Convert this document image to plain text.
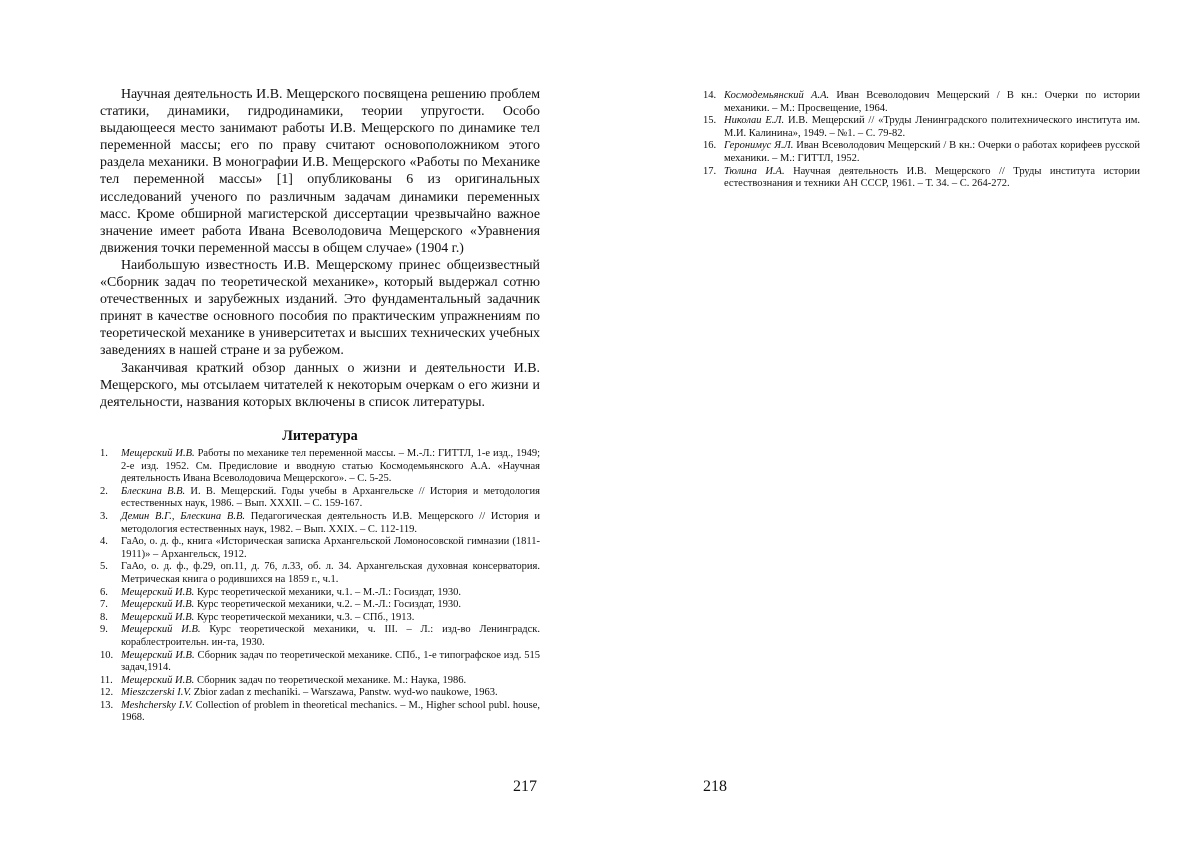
Научная деятельность И.В. Мещерского посвящена решению проблем статики, динамики, гидродинамики, теории упругости. Особо выдающееся место занимают работы И.В. Мещерского по динамике тел переменной массы; его по праву считают основоположником этого раздела механики. В монографии И.В. Мещерского «Работы по Механике тел переменной массы» [1] опубликованы 6 из оригинальных исследований ученого по различным задачам динамики переменных масс. Кроме обширной магистерской диссертации чрезвычайно важное значение имеет работа Ивана Всеволодовича Мещерского «Уравнения движения точки переменной массы в общем случае» (1904 г.)

Наибольшую известность И.В. Мещерскому принес общеизвестный «Сборник задач по теоретической механике», который выдержал сотню отечественных и зарубежных изданий. Это фундаментальный задачник принят в качестве основного пособия по практическим упражнениям по теоретической механике в университетах и высших технических учебных заведениях в нашей стране и за рубежом.

Заканчивая краткий обзор данных о жизни и деятельности И.В. Мещерского, мы отсылаем читателей к некоторым очеркам о его жизни и деятельности, названия которых включены в список литературы.

Литература
1. Мещерский И.В. Работы по механике тел переменной массы. – М.-Л.: ГИТТЛ, 1-е изд., 1949; 2-е изд. 1952. См. Предисловие и вводную статью Космодемьянского А.А. «Научная деятельность Ивана Всеволодовича Мещерского». – С. 5-25.
2. Блескина В.В. И. В. Мещерский. Годы учебы в Архангельске // История и методология естественных наук, 1986. – Вып. XXXII. – С. 159-167.
3. Демин В.Г., Блескина В.В. Педагогическая деятельность И.В. Мещерского // История и методология естественных наук, 1982. – Вып. XXIX. – С. 112-119.
4. ГаАо, о. д. ф., книга «Историческая записка Архангельской Ломоносовской гимназии (1811-1911)» – Архангельск, 1912.
5. ГаАо, о. д. ф., ф.29, оп.11, д. 76, л.33, об. л. 34. Архангельская духовная консерватория. Метрическая книга о родившихся на 1859 г., ч.1.
6. Мещерский И.В. Курс теоретической механики, ч.1. – М.-Л.: Госиздат, 1930.
7. Мещерский И.В. Курс теоретической механики, ч.2. – М.-Л.: Госиздат, 1930.
8. Мещерский И.В. Курс теоретической механики, ч.3. – СПб., 1913.
9. Мещерский И.В. Курс теоретической механики, ч. III. – Л.: изд-во Ленинградск. кораблестроительн. ин-та, 1930.
10. Мещерский И.В. Сборник задач по теоретической механике. СПб., 1-е типографское изд. 515 задач,1914.
11. Мещерский И.В. Сборник задач по теоретической механике. М.: Наука, 1986.
12. Mieszczerski I.V. Zbior zadan z mechaniki. – Warszawa, Panstw. wyd-wo naukowe, 1963.
13. Meshchersky I.V. Collection of problem in theoretical mechanics. – M., Higher school publ. house, 1968.
217
14. Космодемьянский А.А. Иван Всеволодович Мещерский / В кн.: Очерки по истории механики. – М.: Просвещение, 1964.
15. Николаи Е.Л. И.В. Мещерский // «Труды Ленинградского политехнического института им. М.И. Калинина», 1949. – №1. – С. 79-82.
16. Геронимус Я.Л. Иван Всеволодович Мещерский / В кн.: Очерки о работах корифеев русской механики. – М.: ГИТТЛ, 1952.
17. Тюлина И.А. Научная деятельность И.В. Мещерского // Труды института истории естествознания и техники АН СССР, 1961. – Т. 34. – С. 264-272.
218
